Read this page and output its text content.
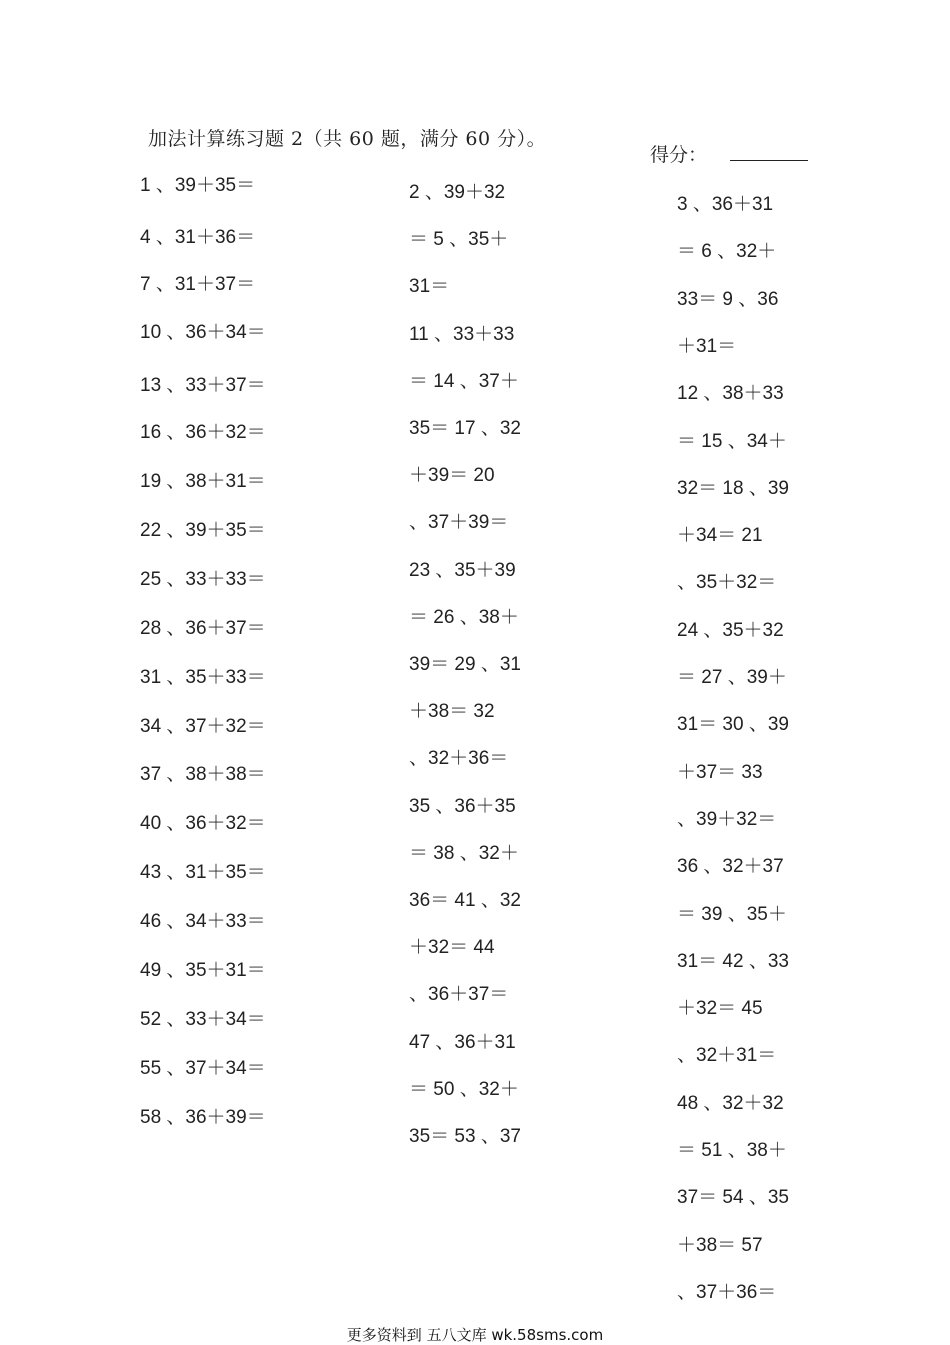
加法计算练习题 2（共 60 题，满分 60 分）。
得分：
1 、39＋35＝
4 、31＋36＝
7 、31＋37＝
10 、36＋34＝
13 、33＋37＝
16 、36＋32＝
19 、38＋31＝
22 、39＋35＝
25 、33＋33＝
28 、36＋37＝
31 、35＋33＝
34 、37＋32＝
37 、38＋38＝
40 、36＋32＝
43 、31＋35＝
46 、34＋33＝
49 、35＋31＝
52 、33＋34＝
55 、37＋34＝
58 、36＋39＝
2 、39＋32
＝ 5 、35＋
31＝
11 、33＋33
＝ 14 、37＋
35＝ 17 、32
＋39＝ 20
、37＋39＝
23 、35＋39
＝ 26 、38＋
39＝ 29 、31
＋38＝ 32
、32＋36＝
35 、36＋35
＝ 38 、32＋
36＝ 41 、32
＋32＝ 44
、36＋37＝
47 、36＋31
＝ 50 、32＋
35＝ 53 、37
3 、36＋31
＝ 6 、32＋
33＝ 9 、36
＋31＝
12 、38＋33
＝ 15 、34＋
32＝ 18 、39
＋34＝ 21
、35＋32＝
24 、35＋32
＝ 27 、39＋
31＝ 30 、39
＋37＝ 33
、39＋32＝
36 、32＋37
＝ 39 、35＋
31＝ 42 、33
＋32＝ 45
、32＋31＝
48 、32＋32
＝ 51 、38＋
37＝ 54 、35
＋38＝ 57
、37＋36＝
更多资料到 五八文库 wk.58sms.com
